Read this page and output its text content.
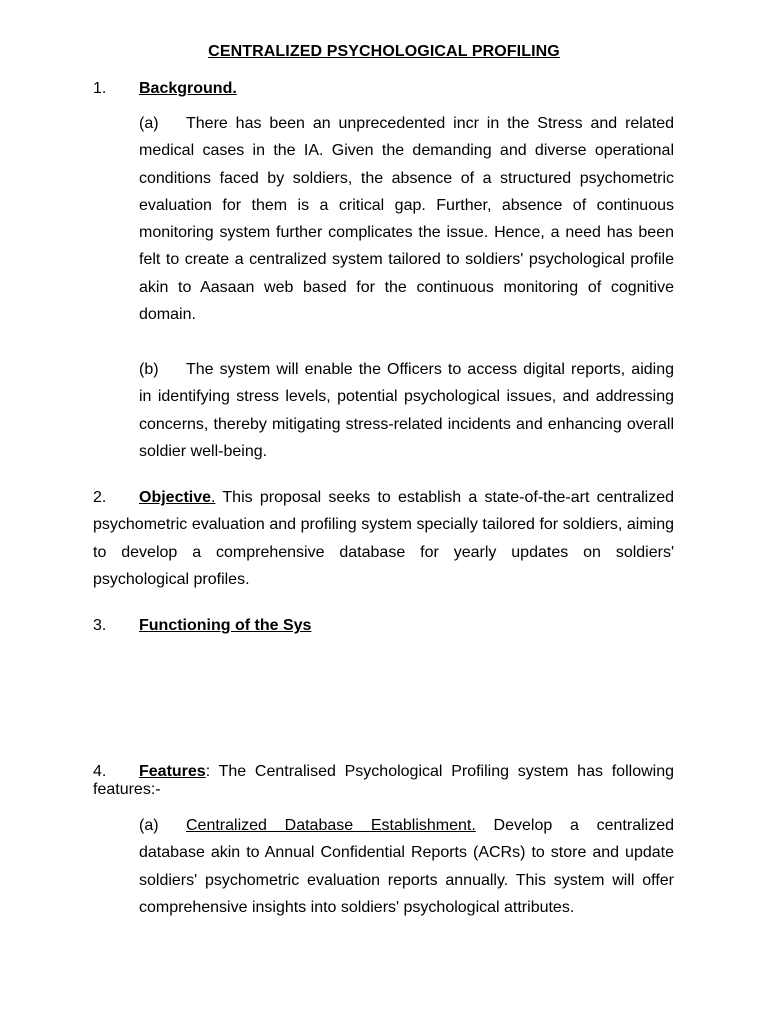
CENTRALIZED PSYCHOLOGICAL PROFILING
1. Background.
(a) There has been an unprecedented incr in the Stress and related medical cases in the IA. Given the demanding and diverse operational conditions faced by soldiers, the absence of a structured psychometric evaluation for them is a critical gap. Further, absence of continuous monitoring system further complicates the issue. Hence, a need has been felt to create a centralized system tailored to soldiers' psychological profile akin to Aasaan web based for the continuous monitoring of cognitive domain.
(b) The system will enable the Officers to access digital reports, aiding in identifying stress levels, potential psychological issues, and addressing concerns, thereby mitigating stress-related incidents and enhancing overall soldier well-being.
2. Objective. This proposal seeks to establish a state-of-the-art centralized psychometric evaluation and profiling system specially tailored for soldiers, aiming to develop a comprehensive database for yearly updates on soldiers' psychological profiles.
3. Functioning of the Sys
4. Features: The Centralised Psychological Profiling system has following features:-
(a) Centralized Database Establishment. Develop a centralized database akin to Annual Confidential Reports (ACRs) to store and update soldiers' psychometric evaluation reports annually. This system will offer comprehensive insights into soldiers' psychological attributes.
